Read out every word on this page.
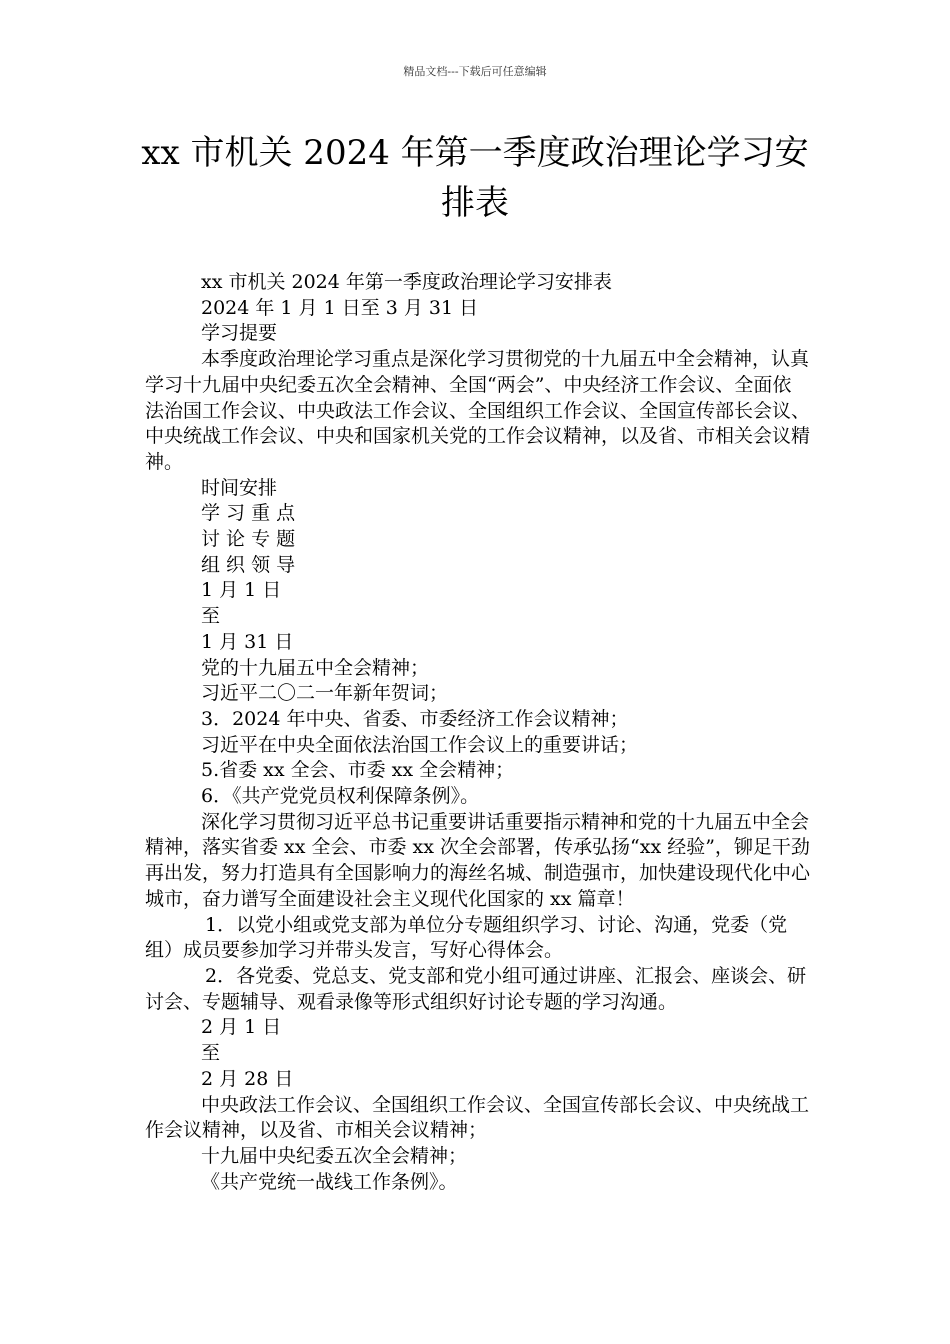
精品文档---下载后可任意编辑
xx 市机关 2024 年第一季度政治理论学习安排表

xx 市机关 2024 年第一季度政治理论学习安排表

2024 年 1 月 1 日至 3 月 31 日

学习提要

本季度政治理论学习重点是深化学习贯彻党的十九届五中全会精神，认真学习十九届中央纪委五次全会精神、全国“两会”、中央经济工作会议、全面依法治国工作会议、中央政法工作会议、全国组织工作会议、全国宣传部长会议、中央统战工作会议、中央和国家机关党的工作会议精神，以及省、市相关会议精神。

时间安排

学 习 重 点

讨 论 专 题

组 织 领 导

1 月 1 日

至

1 月 31 日

党的十九届五中全会精神；

习近平二〇二一年新年贺词；

3．2024 年中央、省委、市委经济工作会议精神；

习近平在中央全面依法治国工作会议上的重要讲话；

5.省委 xx 全会、市委 xx 全会精神；

6．《共产党党员权利保障条例》。

深化学习贯彻习近平总书记重要讲话重要指示精神和党的十九届五中全会精神，落实省委 xx 全会、市委 xx 次全会部署，传承弘扬“xx 经验”，铆足干劲再出发，努力打造具有全国影响力的海丝名城、制造强市，加快建设现代化中心城市，奋力谱写全面建设社会主义现代化国家的 xx 篇章！

1．以党小组或党支部为单位分专题组织学习、讨论、沟通，党委（党组）成员要参加学习并带头发言，写好心得体会。

2．各党委、党总支、党支部和党小组可通过讲座、汇报会、座谈会、研讨会、专题辅导、观看录像等形式组织好讨论专题的学习沟通。

2 月 1 日

至

2 月 28 日

中央政法工作会议、全国组织工作会议、全国宣传部长会议、中央统战工作会议精神，以及省、市相关会议精神；

十九届中央纪委五次全会精神；

《共产党统一战线工作条例》。
